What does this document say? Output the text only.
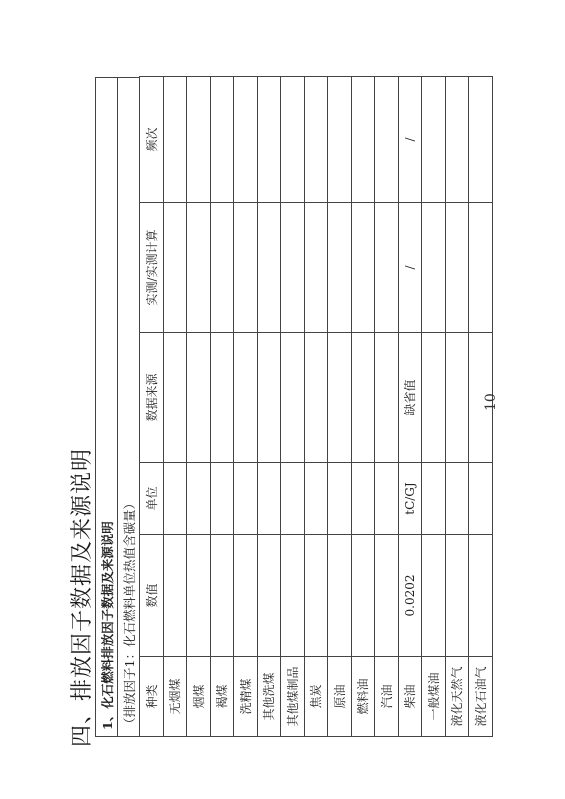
四、排放因子数据及来源说明 1、化石燃料排放因子数据及来源说明 （排放因子1：化石燃料单位热值含碳量） 种类	数值	单位	数据来源	实测/实测计算	频次
无烟煤					
烟煤					
褐煤					
洗精煤					
其他洗煤					
其他煤制品					
焦炭					
原油					
燃料油					
汽油					
柴油	0.0202	tC/GJ	缺省值	/	/
一般煤油					
液化天然气					
液化石油气					
10
